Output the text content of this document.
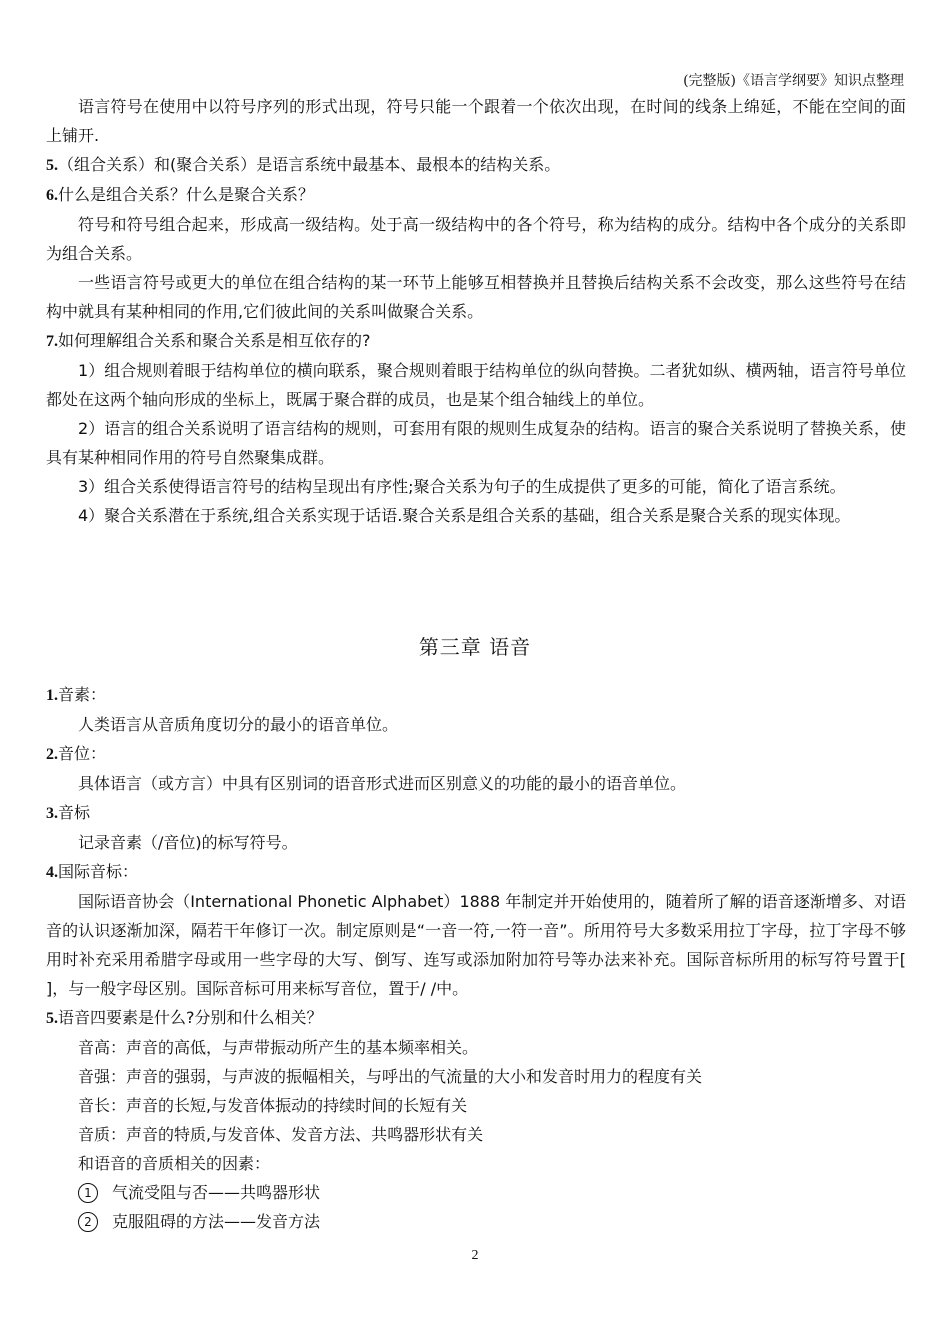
(完整版)《语言学纲要》知识点整理

语言符号在使用中以符号序列的形式出现，符号只能一个跟着一个依次出现，在时间的线条上绵延，不能在空间的面上铺开.

5.（组合关系）和(聚合关系）是语言系统中最基本、最根本的结构关系。

6.什么是组合关系？什么是聚合关系？

符号和符号组合起来，形成高一级结构。处于高一级结构中的各个符号，称为结构的成分。结构中各个成分的关系即为组合关系。

一些语言符号或更大的单位在组合结构的某一环节上能够互相替换并且替换后结构关系不会改变，那么这些符号在结构中就具有某种相同的作用,它们彼此间的关系叫做聚合关系。

7.如何理解组合关系和聚合关系是相互依存的?

1）组合规则着眼于结构单位的横向联系，聚合规则着眼于结构单位的纵向替换。二者犹如纵、横两轴，语言符号单位都处在这两个轴向形成的坐标上，既属于聚合群的成员，也是某个组合轴线上的单位。

2）语言的组合关系说明了语言结构的规则，可套用有限的规则生成复杂的结构。语言的聚合关系说明了替换关系，使具有某种相同作用的符号自然聚集成群。

3）组合关系使得语言符号的结构呈现出有序性;聚合关系为句子的生成提供了更多的可能，简化了语言系统。

4）聚合关系潜在于系统,组合关系实现于话语.聚合关系是组合关系的基础，组合关系是聚合关系的现实体现。

第三章 语音

1.音素：

人类语言从音质角度切分的最小的语音单位。

2.音位：

具体语言（或方言）中具有区别词的语音形式进而区别意义的功能的最小的语音单位。

3.音标

记录音素（/音位)的标写符号。

4.国际音标：

国际语音协会（International Phonetic Alphabet）1888 年制定并开始使用的，随着所了解的语音逐渐增多、对语音的认识逐渐加深，隔若干年修订一次。制定原则是“一音一符,一符一音”。所用符号大多数采用拉丁字母，拉丁字母不够用时补充采用希腊字母或用一些字母的大写、倒写、连写或添加附加符号等办法来补充。国际音标所用的标写符号置于[ ]，与一般字母区别。国际音标可用来标写音位，置于/ /中。

5.语音四要素是什么?分别和什么相关？

音高：声音的高低，与声带振动所产生的基本频率相关。

音强：声音的强弱，与声波的振幅相关，与呼出的气流量的大小和发音时用力的程度有关

音长：声音的长短,与发音体振动的持续时间的长短有关

音质：声音的特质,与发音体、发音方法、共鸣器形状有关

和语音的音质相关的因素：

1	气流受阻与否——共鸣器形状

2	克服阻碍的方法——发音方法

2
